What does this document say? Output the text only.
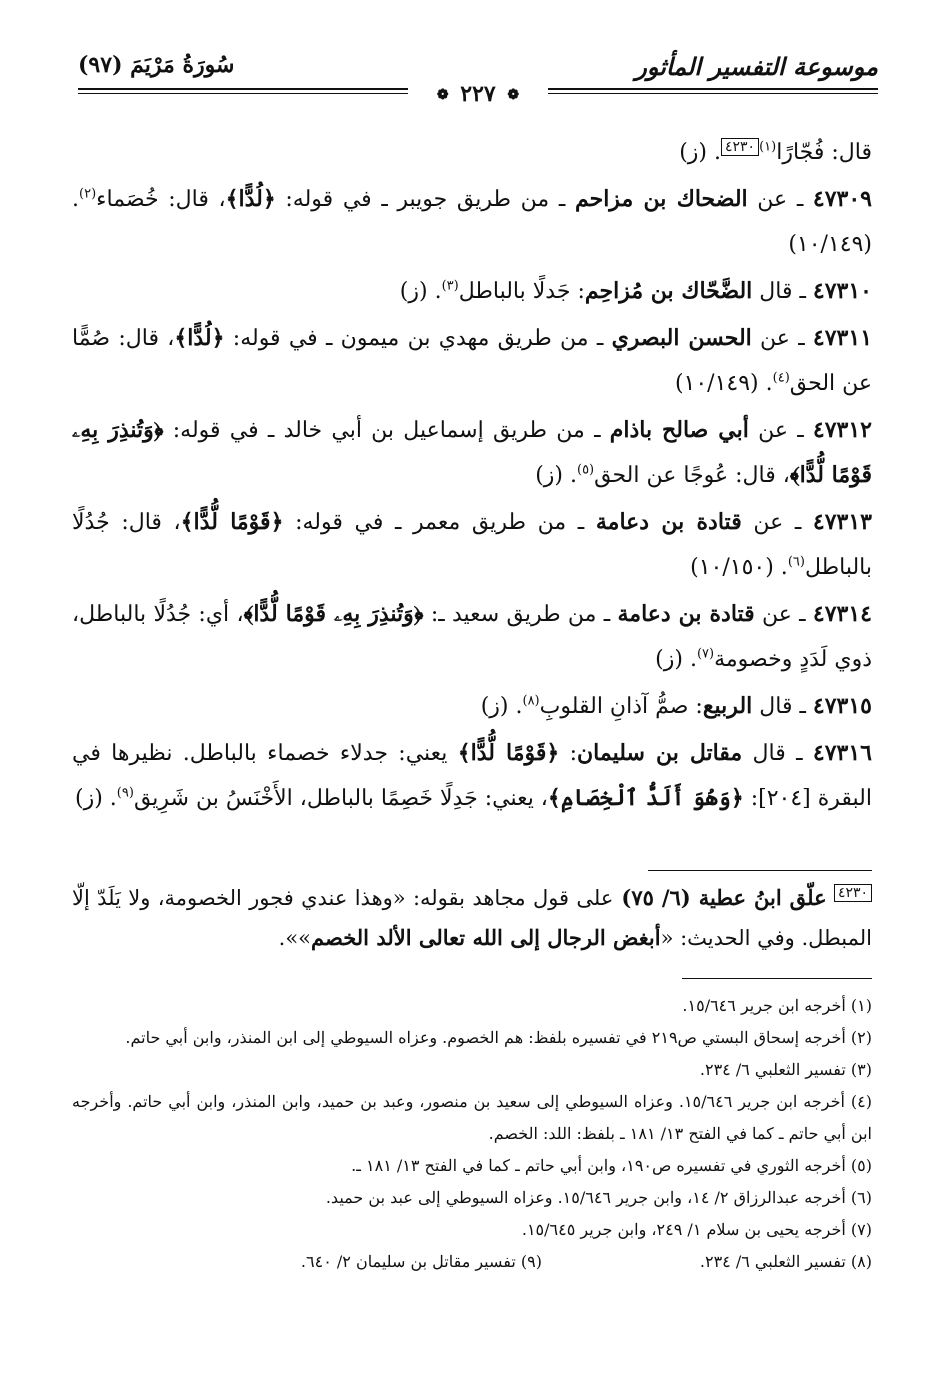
موسوعة التفسير المأثور
سُورَةُ مَرْيَمَ (٩٧)
❁ ٢٢٧ ❁

قال: فُجّارًا$^{(١)}$٤٢٣٠. (ز)

٤٧٣٠٩ ـ عن الضحاك بن مزاحم ـ من طريق جويبر ـ في قوله: ﴿لُدًّا﴾، قال: خُصَماء$^{(٢)}$. (١٠/١٤٩)

٤٧٣١٠ ـ قال الضَّحّاك بن مُزاحِم: جَدلًا بالباطل$^{(٣)}$. (ز)

٤٧٣١١ ـ عن الحسن البصري ـ من طريق مهدي بن ميمون ـ في قوله: ﴿لُدًّا﴾، قال: صُمًّا عن الحق$^{(٤)}$. (١٠/١٤٩)

٤٧٣١٢ ـ عن أبي صالح باذام ـ من طريق إسماعيل بن أبي خالد ـ في قوله: ﴿وَتُنذِرَ بِهِۦ قَوْمًا لُّدًّا﴾، قال: عُوجًا عن الحق$^{(٥)}$. (ز)

٤٧٣١٣ ـ عن قتادة بن دعامة ـ من طريق معمر ـ في قوله: ﴿قَوْمًا لُّدًّا﴾، قال: جُدُلًا بالباطل$^{(٦)}$. (١٠/١٥٠)

٤٧٣١٤ ـ عن قتادة بن دعامة ـ من طريق سعيد ـ: ﴿وَتُنذِرَ بِهِۦ قَوْمًا لُّدًّا﴾، أي: جُدُلًا بالباطل، ذوي لَدَدٍ وخصومة$^{(٧)}$. (ز)

٤٧٣١٥ ـ قال الربيع: صمُّ آذانِ القلوبِ$^{(٨)}$. (ز)

٤٧٣١٦ ـ قال مقاتل بن سليمان: ﴿قَوْمًا لُّدًّا﴾ يعني: جدلاء خصماء بالباطل. نظيرها في البقرة [٢٠٤]: ﴿وَهُوَ أَلَدُّ ٱلْخِصَامِ﴾، يعني: جَدِلًا خَصِمًا بالباطل، الأَخْنَسُ بن شَرِيق$^{(٩)}$. (ز)

٤٢٣٠ علّق ابنُ عطية (٦/ ٧٥) على قول مجاهد بقوله: «وهذا عندي فجور الخصومة، ولا يَلَدّ إلّا المبطل. وفي الحديث: «أبغض الرجال إلى الله تعالى الألد الخصم»».

(١) أخرجه ابن جرير ١٥/٦٤٦.

(٢) أخرجه إسحاق البستي ص٢١٩ في تفسيره بلفظ: هم الخصوم. وعزاه السيوطي إلى ابن المنذر، وابن أبي حاتم.

(٣) تفسير الثعلبي ٦/ ٢٣٤.

(٤) أخرجه ابن جرير ١٥/٦٤٦. وعزاه السيوطي إلى سعيد بن منصور، وعبد بن حميد، وابن المنذر، وابن أبي حاتم. وأخرجه ابن أبي حاتم ـ كما في الفتح ١٣/ ١٨١ ـ بلفظ: اللد: الخصم.

(٥) أخرجه الثوري في تفسيره ص١٩٠، وابن أبي حاتم ـ كما في الفتح ١٣/ ١٨١ ـ.

(٦) أخرجه عبدالرزاق ٢/ ١٤، وابن جرير ١٥/٦٤٦. وعزاه السيوطي إلى عبد بن حميد.

(٧) أخرجه يحيى بن سلام ١/ ٢٤٩، وابن جرير ١٥/٦٤٥.

(٨) تفسير الثعلبي ٦/ ٢٣٤.

(٩) تفسير مقاتل بن سليمان ٢/ ٦٤٠.
